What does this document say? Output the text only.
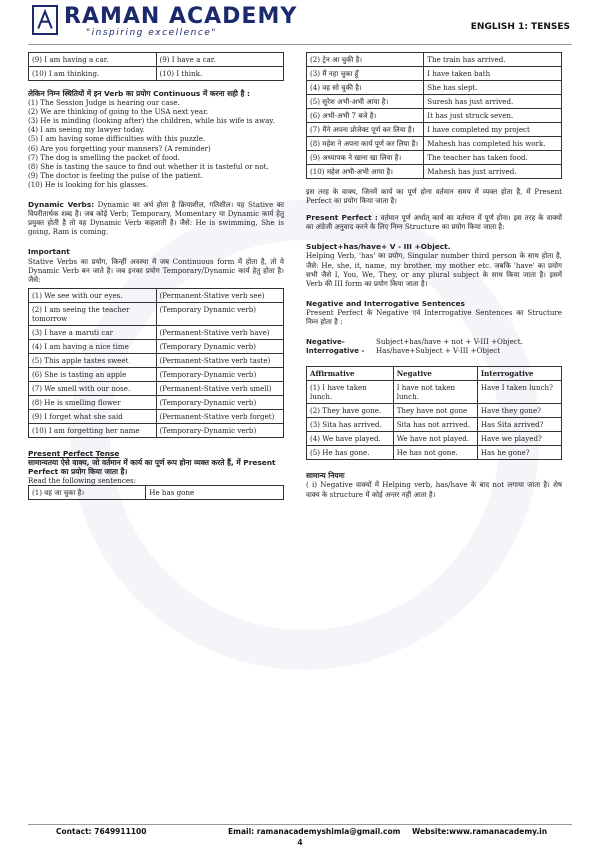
RAMAN ACADEMY
"inspiring excellence"
ENGLISH 1: TENSES
(9) I am having a car.	(9) I have a car.
(10) I am thinking.	(10) I think.

लेकिन निम्न स्थितियों में इन Verb का प्रयोग Continuous में करना सही है :

(1) The Session Judge is hearing our case.

(2) We are thinking of going to the USA next year.

(3) He is minding (looking after) the children, while his wife is away.

(4) I am seeing my lawyer today.

(5) I am having some difficulties with this puzzle.

(6) Are you forgetting your manners? (A reminder)

(7) The dog is smelling the packet of food.

(8) She is tasting the sauce to find out whether it is tasteful or not.

(9) The doctor is feeling the pulse of the patient.

(10) He is looking for his glasses.

Dynamic Verbs: Dynamic का अर्थ होता है क्रियाशील, गतिशील। यह Stative का विपरीतार्थक शब्द है। जब कोई Verb; Temporary, Momentary या Dynamic कार्य हेतु प्रयुक्त होती है तो वह Dynamic Verb कहलाती है। जैसे: He is swimming, She is going, Ram is coming.

Important

Stative Verbs का प्रयोग, किन्हीं अवस्था में जब Continuous form में होता है, तो ये Dynamic Verb बन जाते है। जब इनका प्रयोग Temporary/Dynamic कार्य हेतु होता है। जैसे:

(1) We see with our eyes.	(Permanent-Stative verb see)
(2) I am seeing the teacher tomorrow	(Temporary Dynamic verb)
(3) I have a maruti car	(Permanent-Stative verb have)
(4) I am having a nice time	(Temporary Dynamic verb)
(5) This apple tastes sweet	(Permanent-Stative verb taste)
(6) She is tasting an apple	(Temporary-Dynamic verb)
(7) We smell with our nose.	(Permanent-Stative verb smell)
(8) He is smelling flower	(Temporary-Dynamic verb)
(9) I forget what she said	(Permanent-Stative verb forget)
(10) I am forgetting her name	(Temporary-Dynamic verb)

Present Perfect Tense

सामान्यतया ऐसे वाक्य, जो वर्तमान में कार्य का पूर्ण रूप होना व्यक्त करते हैं, में Present Perfect का प्रयोग किया जाता है।

Read the following sentences:

(1) वह जा चुका है।	He has gone
(2) ट्रेन आ चुकी है।	The train has arrived.
(3) मैं नहा चुका हूँ	I have taken bath
(4) वह सो चुकी है।	She has slept.
(5) सुरेश अभी-अभी आया है।	Suresh has just arrived.
(6) अभी-अभी 7 बजे है।	It has just struck seven.
(7) मैंने अपना प्रोजेक्ट पूर्ण कर लिया है।	I have completed my project
(8) महेश ने अपना कार्य पूर्ण कर लिया है।	Mahesh has completed his work.
(9) अध्यापक ने खाना खा लिया है।	The teacher has taken food.
(10) महेश अभी-अभी आया है।	Mahesh has just arrived.

इस तरह के वाक्य, जिनमें कार्य का पूर्ण होना वर्तमान समय में व्यक्त होता है, में Present Perfect का प्रयोग किया जाता है।

Present Perfect : वर्तमान पूर्ण अर्थात् कार्य का वर्तमान में पूर्ण होना। इस तरह के वाक्यों का अंग्रेजी अनुवाद करने के लिए निम्न Structure का प्रयोग किया जाता है:

Subject+has/have+ V - III +Object.

Helping Verb, 'has' का प्रयोग, Singular number third person के साथ होता है, जैसे: He, she, it, name, my brother, my mother etc. जबकि 'have' का प्रयोग सभी जैसे I, You, We, They, or any plural subject के साथ किया जाता है। इसमें Verb की III form का प्रयोग किया जाता है।

Negative and Interrogative Sentences

Present Perfect के Negative एवं Interrogative Sentences का Structure निम्न होता है :

Negative-	Subject+has/have + not + V-III +Object.
Interrogative -	Has/have+Subject + V-III +Object
Affirmative	Negative	Interrogative
(1) I have taken lunch.	I have not taken lunch.	Have I taken lunch?
(2) They have gone.	They have not gone	Have they gone?
(3) Sita has arrived.	Sita has not arrived.	Has Sita arrived?
(4) We have played.	We have not played.	Have we played?
(5) He has gone.	He has not gone.	Has he gone?

सामान्य नियमः

( i) Negative वाक्यों में Helping verb, has/have के बाद not लगाया जाता है। शेष वाक्य के structure में कोई अन्तर नहीं आता है।

Contact: 7649911100	Email: ramanacademyshimla@gmail.com Website:www.ramanacademy.in
4
